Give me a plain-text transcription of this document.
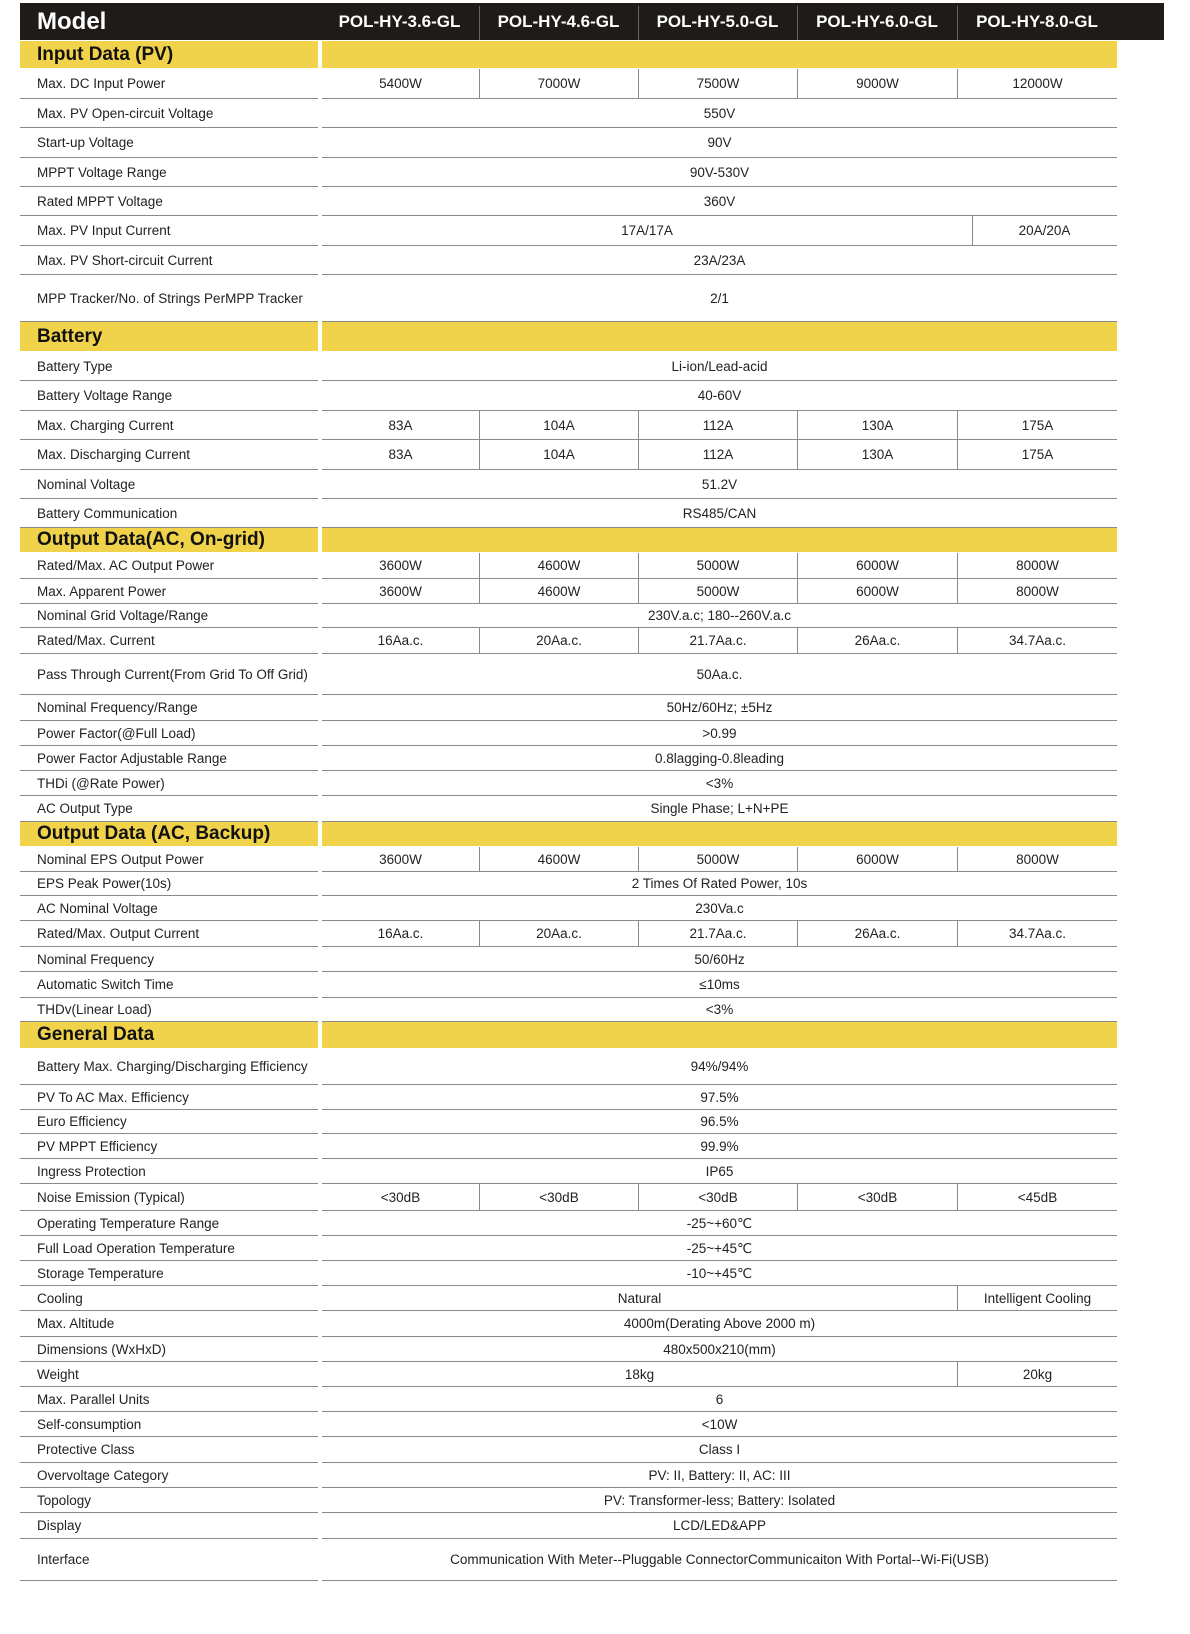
Model	POL-HY-3.6-GL	POL-HY-4.6-GL	POL-HY-5.0-GL	POL-HY-6.0-GL	POL-HY-8.0-GL
Input Data (PV)
Max. DC Input Power	5400W	7000W	7500W	9000W	12000W
Max. PV Open-circuit Voltage	550V
Start-up Voltage	90V
MPPT Voltage Range	90V-530V
Rated MPPT Voltage	360V
Max. PV Input Current	17A/17A	20A/20A
Max. PV Short-circuit Current	23A/23A
MPP Tracker/No. of Strings Per MPP Tracker	2/1
Battery
Battery Type	Li-ion/Lead-acid
Battery Voltage Range	40-60V
Max. Charging Current	83A	104A	112A	130A	175A
Max. Discharging Current	83A	104A	112A	130A	175A
Nominal Voltage	51.2V
Battery Communication	RS485/CAN
Output Data(AC, On-grid)
Rated/Max. AC Output Power	3600W	4600W	5000W	6000W	8000W
Max. Apparent Power	3600W	4600W	5000W	6000W	8000W
Nominal Grid Voltage/Range	230V.a.c; 180--260V.a.c
Rated/Max. Current	16Aa.c.	20Aa.c.	21.7Aa.c.	26Aa.c.	34.7Aa.c.
Pass Through Current (From Grid To Off Grid)	50Aa.c.
Nominal Frequency/Range	50Hz/60Hz; ±5Hz
Power Factor(@Full Load)	>0.99
Power Factor Adjustable Range	0.8lagging-0.8leading
THDi (@Rate Power)	<3%
AC Output Type	Single Phase; L+N+PE
Output Data (AC, Backup)
Nominal EPS Output Power	3600W	4600W	5000W	6000W	8000W
EPS Peak Power(10s)	2 Times Of Rated Power, 10s
AC Nominal Voltage	230Va.c
Rated/Max. Output Current	16Aa.c.	20Aa.c.	21.7Aa.c.	26Aa.c.	34.7Aa.c.
Nominal Frequency	50/60Hz
Automatic Switch Time	≤10ms
THDv(Linear Load)	<3%
General Data
Battery Max. Charging/ Discharging Efficiency	94%/94%
PV To AC Max. Efficiency	97.5%
Euro Efficiency	96.5%
PV MPPT Efficiency	99.9%
Ingress Protection	IP65
Noise Emission (Typical)	<30dB	<30dB	<30dB	<30dB	<45dB
Operating Temperature Range	-25~+60℃
Full Load Operation Temperature	-25~+45℃
Storage Temperature	-10~+45℃
Cooling	Natural	Intelligent Cooling
Max. Altitude	4000m(Derating Above 2000 m)
Dimensions (WxHxD)	480x500x210(mm)
Weight	18kg	20kg
Max. Parallel Units	6
Self-consumption	<10W
Protective Class	Class I
Overvoltage Category	PV: II, Battery: II, AC: III
Topology	PV: Transformer-less; Battery: Isolated
Display	LCD/LED&APP
Interface	Communication With Meter--Pluggable Connector Communicaiton With Portal--Wi-Fi(USB)
